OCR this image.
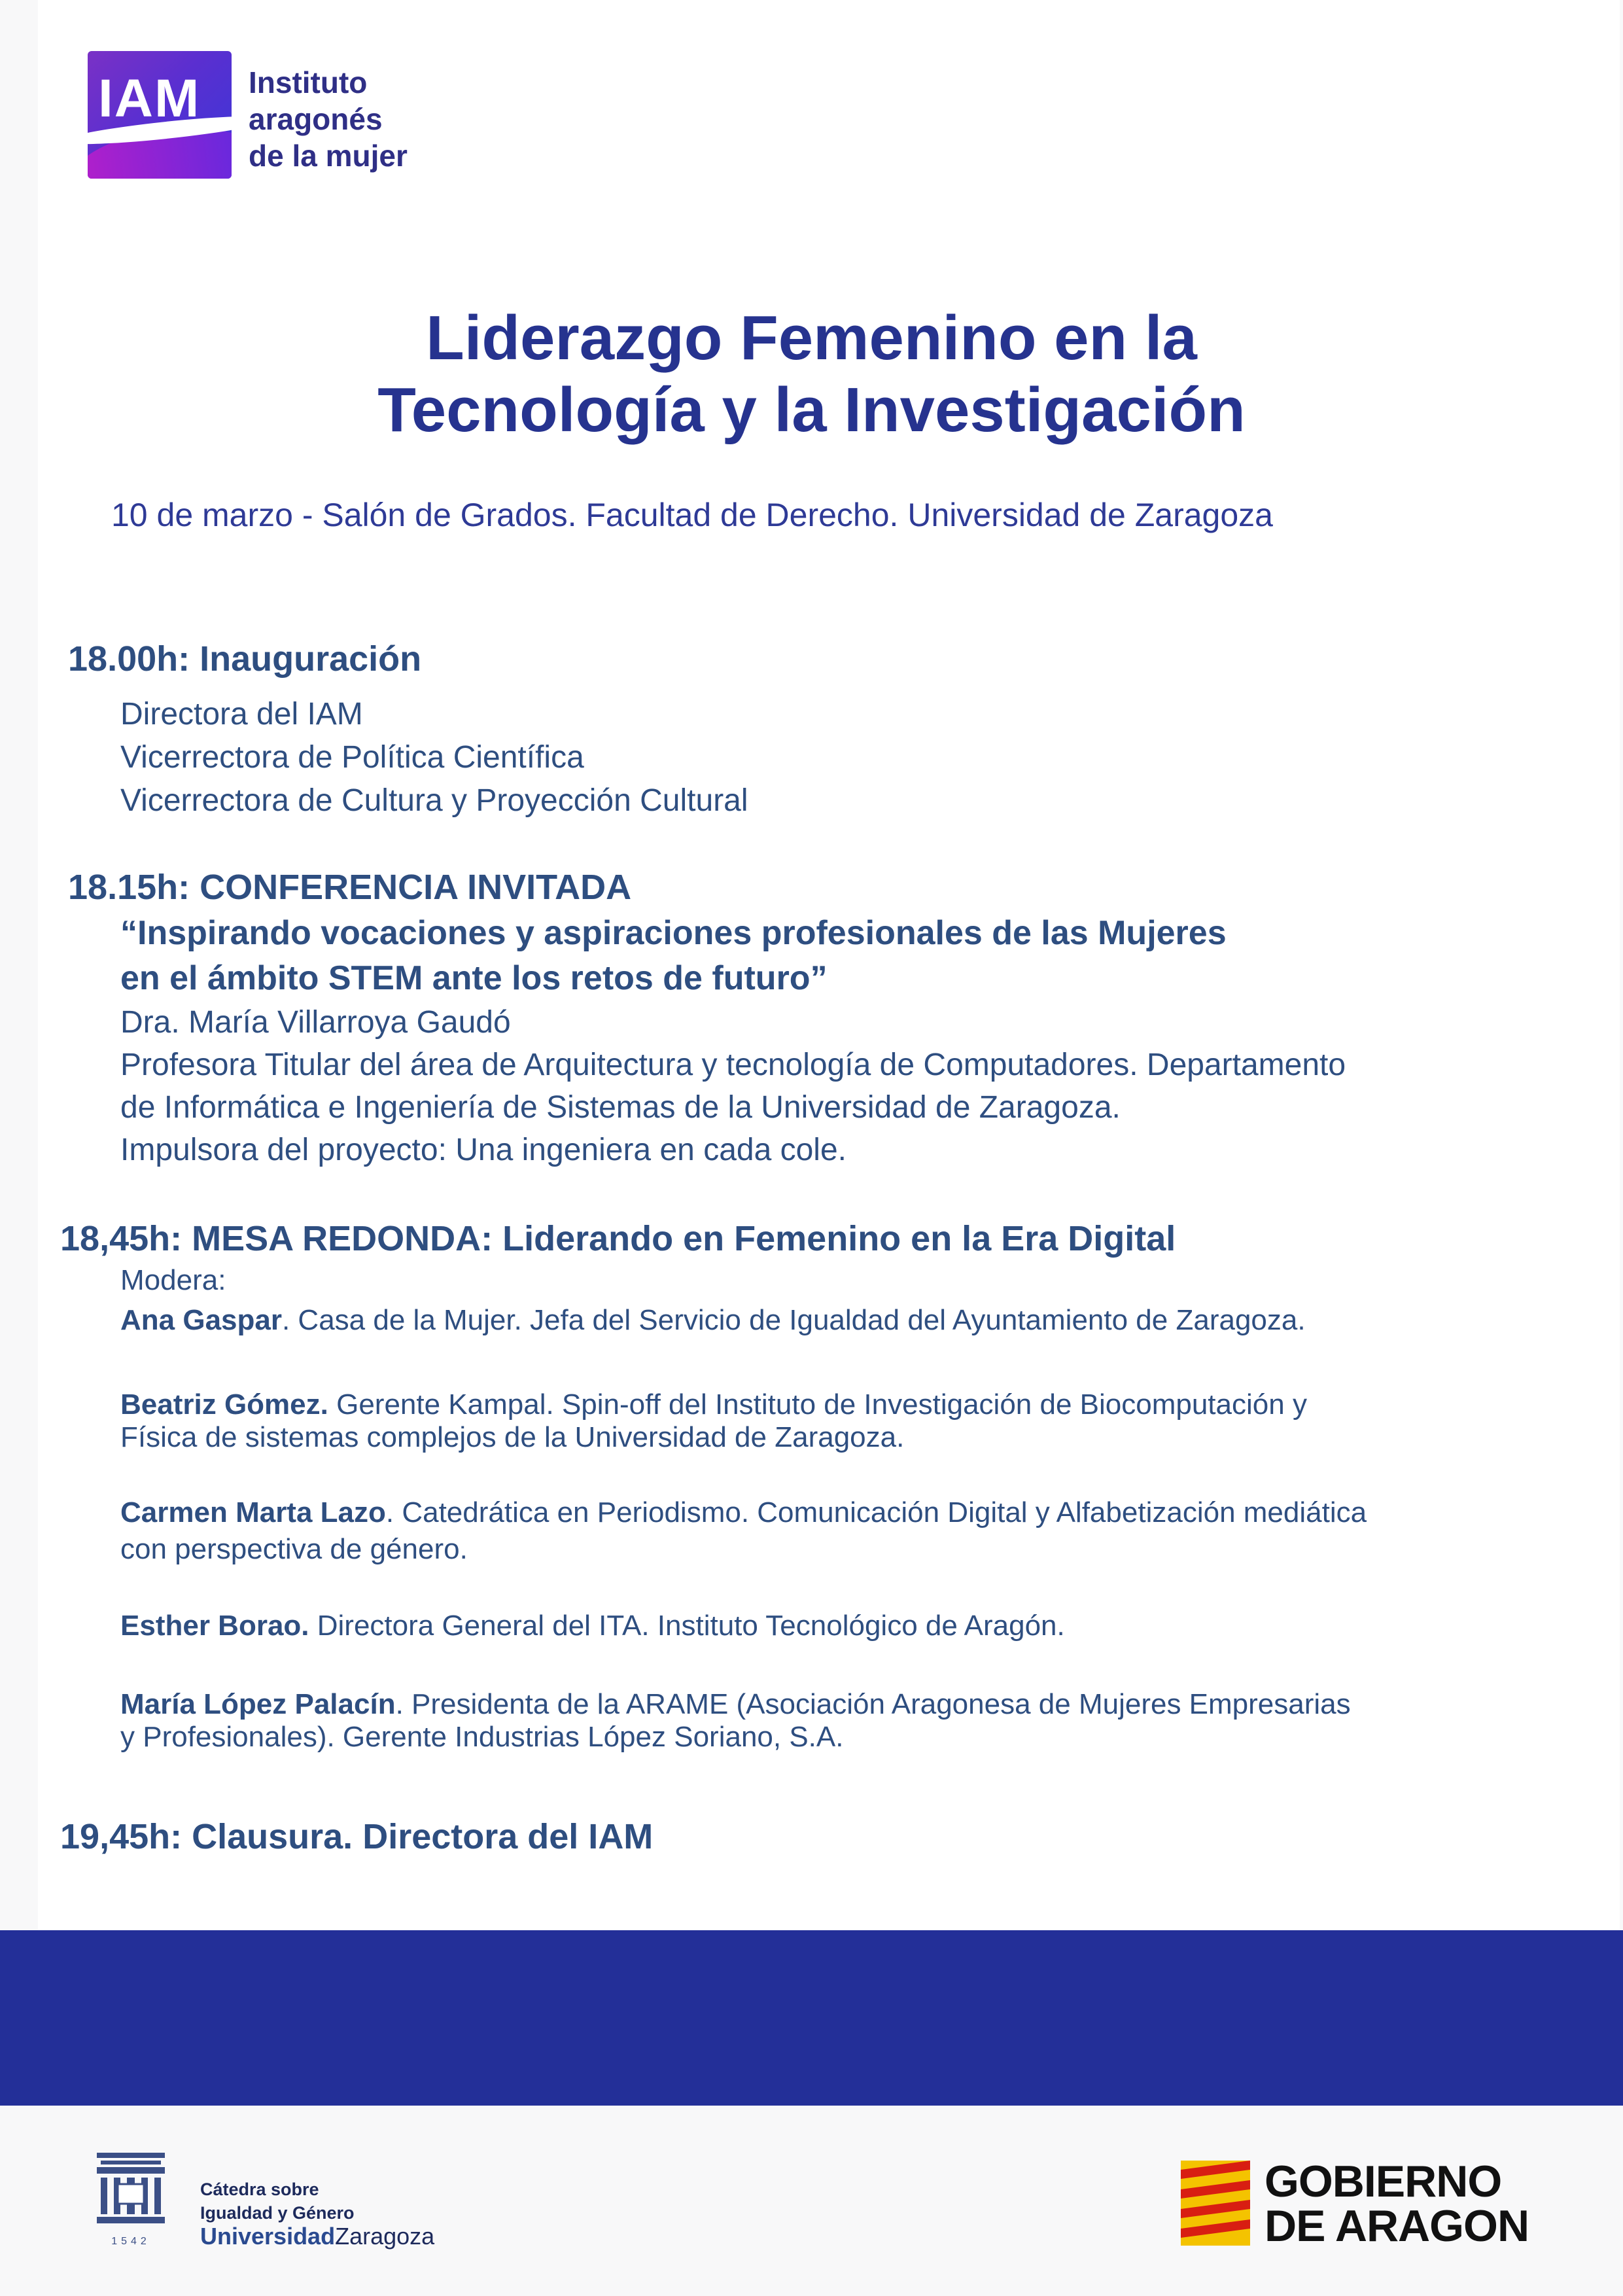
IAM Instituto
aragonés
de la mujer
Liderazgo Femenino en la
Tecnología y la Investigación
10 de marzo - Salón de Grados. Facultad de Derecho. Universidad de Zaragoza
18.00h: Inauguración
Directora del IAM
Vicerrectora de Política Científica
Vicerrectora de Cultura y Proyección Cultural
18.15h: CONFERENCIA INVITADA
“Inspirando vocaciones y aspiraciones profesionales de las Mujeres
en el ámbito STEM ante los retos de futuro”
Dra. María Villarroya Gaudó
Profesora Titular del área de Arquitectura y tecnología de Computadores. Departamento
de Informática e Ingeniería de Sistemas de la Universidad de Zaragoza.
Impulsora del proyecto: Una ingeniera en cada cole.
18,45h: MESA REDONDA: Liderando en Femenino en la Era Digital
Modera:
Ana Gaspar. Casa de la Mujer. Jefa del Servicio de Igualdad del Ayuntamiento de Zaragoza.
Beatriz Gómez. Gerente Kampal. Spin-off del Instituto de Investigación de Biocomputación y
Física de sistemas complejos de la Universidad de Zaragoza.
Carmen Marta Lazo. Catedrática en Periodismo. Comunicación Digital y Alfabetización mediática
con perspectiva de género.
Esther Borao. Directora General del ITA. Instituto Tecnológico de Aragón.
María López Palacín. Presidenta de la ARAME (Asociación Aragonesa de Mujeres Empresarias
y Profesionales). Gerente Industrias López Soriano, S.A.
19,45h: Clausura. Directora del IAM
1542
Cátedra sobre
Igualdad y Género
UniversidadZaragoza
GOBIERNO
DE ARAGON
